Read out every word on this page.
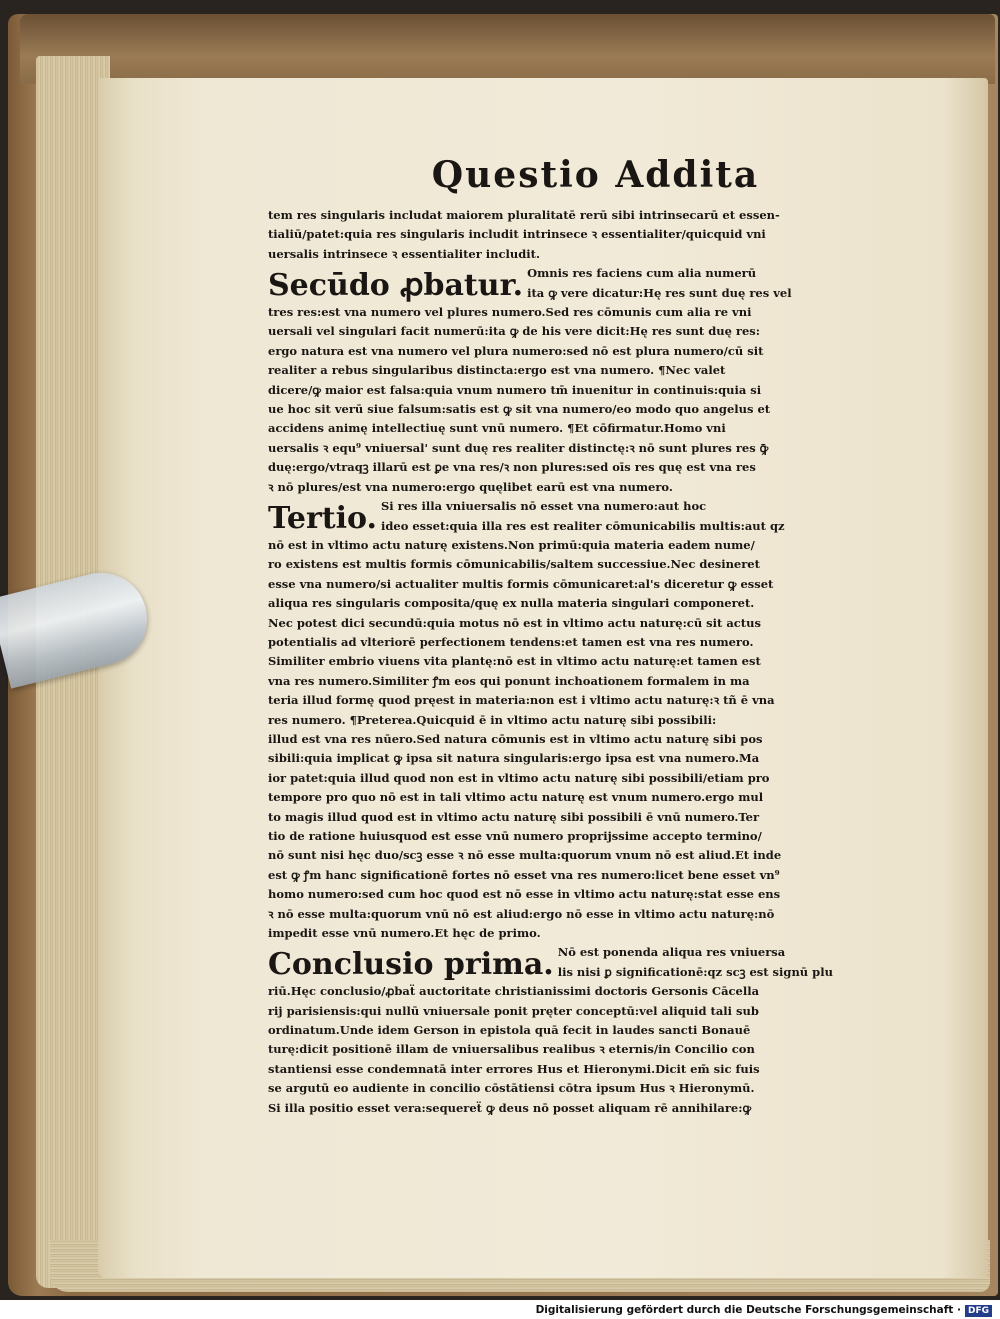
Questio Addita
tem res singularis includat maiorem pluralitatē rerū sibi intrinsecarū et essen-
tialiū/patet:quia res singularis includit intrinsece ꝛ essentialiter/quicquid vni
uersalis intrinsece ꝛ essentialiter includit.
Secūdo ꝓbatur. Omnis res faciens cum alia numerū
ita ꝙ vere dicatur:Hę res sunt duę res vel
tres res:est vna numero vel plures numero.Sed res cōmunis cum alia re vni
uersali vel singulari facit numerū:ita ꝙ de his vere dicit:Hę res sunt duę res:
ergo natura est vna numero vel plura numero:sed nō est plura numero/cū sit
realiter a rebus singularibus distincta:ergo est vna numero. ¶Nec valet
dicere/ꝙ maior est falsa:quia vnum numero tm̄ inuenitur in continuis:quia si
ue hoc sit verū siue falsum:satis est ꝙ sit vna numero/eo modo quo angelus et
accidens animę intellectiuę sunt vnū numero. ¶Et cōfirmatur.Homo vni
uersalis ꝛ equ⁹ vniuersal' sunt duę res realiter distinctę:ꝛ nō sunt plures res ꝙ̄
duę:ergo/vtraqꝫ illarū est ꝑe vna res/ꝛ non plures:sed oīs res quę est vna res
ꝛ nō plures/est vna numero:ergo quęlibet earū est vna numero.
Tertio. Si res illa vniuersalis nō esset vna numero:aut hoc
ideo esset:quia illa res est realiter cōmunicabilis multis:aut qz
nō est in vltimo actu naturę existens.Non primū:quia materia eadem nume/
ro existens est multis formis cōmunicabilis/saltem successiue.Nec desineret
esse vna numero/si actualiter multis formis cōmunicaret:al's diceretur ꝙ esset
aliqua res singularis composita/quę ex nulla materia singulari componeret.
Nec potest dici secundū:quia motus nō est in vltimo actu naturę:cū sit actus
potentialis ad vlteriorē perfectionem tendens:et tamen est vna res numero.
Similiter embrio viuens vita plantę:nō est in vltimo actu naturę:et tamen est
vna res numero.Similiter ꝭm eos qui ponunt inchoationem formalem in ma
teria illud formę quod pręest in materia:non est i vltimo actu naturę:ꝛ tñ ē vna
res numero. ¶Preterea.Quicquid ē in vltimo actu naturę sibi possibili:
illud est vna res nūero.Sed natura cōmunis est in vltimo actu naturę sibi pos
sibili:quia implicat ꝙ ipsa sit natura singularis:ergo ipsa est vna numero.Ma
ior patet:quia illud quod non est in vltimo actu naturę sibi possibili/etiam pro
tempore pro quo nō est in tali vltimo actu naturę est vnum numero.ergo mul
to magis illud quod est in vltimo actu naturę sibi possibili ē vnū numero.Ter
tio de ratione huiusquod est esse vnū numero proprijssime accepto termino/
nō sunt nisi hęc duo/scꝫ esse ꝛ nō esse multa:quorum vnum nō est aliud.Et inde
est ꝙ ꝭm hanc significationē fortes nō esset vna res numero:licet bene esset vn⁹
homo numero:sed cum hoc quod est nō esse in vltimo actu naturę:stat esse ens
ꝛ nō esse multa:quorum vnū nō est aliud:ergo nō esse in vltimo actu naturę:nō
impedit esse vnū numero.Et hęc de primo.
Conclusio prima. Nō est ponenda aliqua res vniuersa
lis nisi ꝑ significationē:qz scꝫ est signū plu
riū.Hęc conclusio/ꝓbaẗ auctoritate christianissimi doctoris Gersonis Cācella
rij parisiensis:qui nullū vniuersale ponit pręter conceptū:vel aliquid tali sub
ordinatum.Unde idem Gerson in epistola quā fecit in laudes sancti Bonauē
turę:dicit positionē illam de vniuersalibus realibus ꝛ eternis/in Concilio con
stantiensi esse condemnatā inter errores Hus et Hieronymi.Dicit em̄ sic fuis
se argutū eo audiente in concilio cōstātiensi cōtra ipsum Hus ꝛ Hieronymū.
Si illa positio esset vera:sequereẗ ꝙ deus nō posset aliquam rē annihilare:ꝙ
Digitalisierung gefördert durch die Deutsche Forschungsgemeinschaft · DFG
